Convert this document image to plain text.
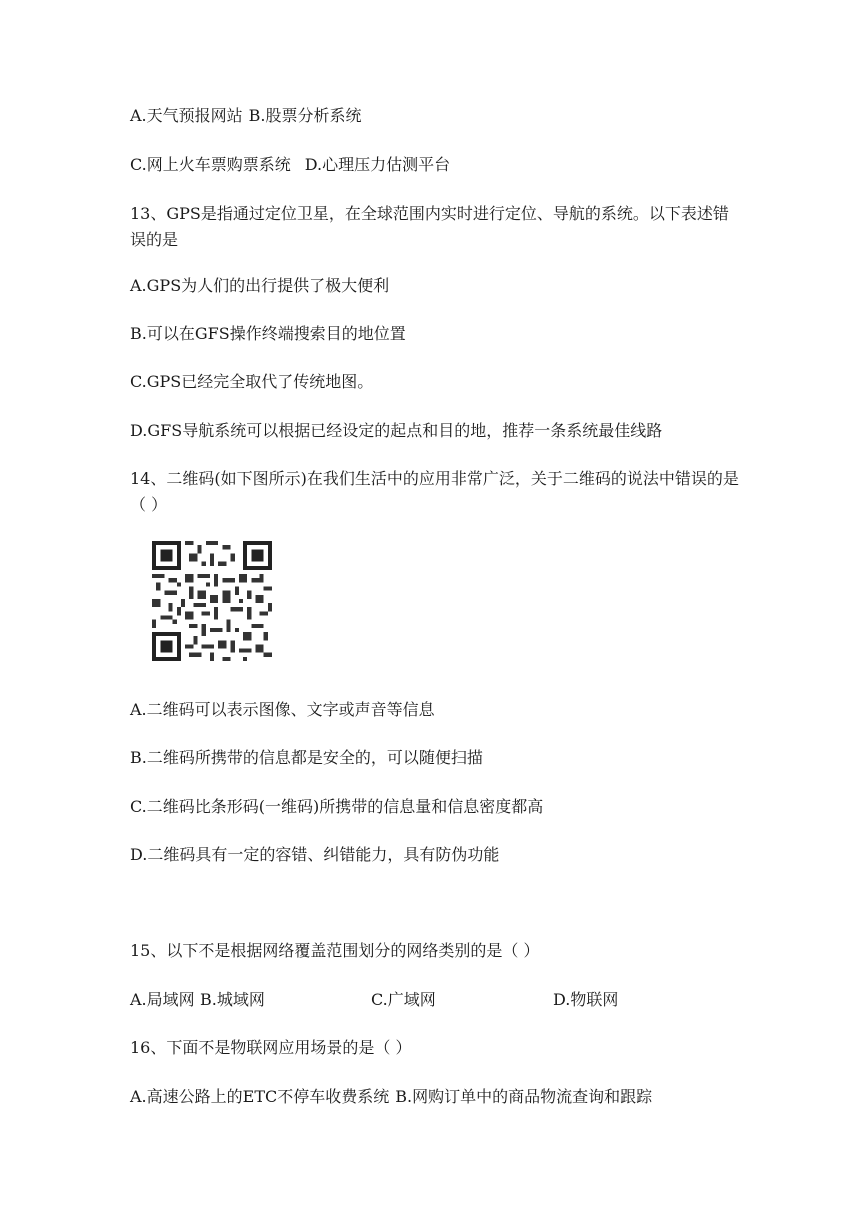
A.天气预报网站 B.股票分析系统

C.网上火车票购票系统 D.心理压力估测平台

13、GPS是指通过定位卫星，在全球范围内实时进行定位、导航的系统。以下表述错误的是

A.GPS为人们的出行提供了极大便利

B.可以在GFS操作终端搜索目的地位置

C.GPS已经完全取代了传统地图。

D.GFS导航系统可以根据已经设定的起点和目的地，推荐一条系统最佳线路

14、二维码(如下图所示)在我们生活中的应用非常广泛，关于二维码的说法中错误的是（ ）

A.二维码可以表示图像、文字或声音等信息

B.二维码所携带的信息都是安全的，可以随便扫描

C.二维码比条形码(一维码)所携带的信息量和信息密度都高

D.二维码具有一定的容错、纠错能力，具有防伪功能

15、以下不是根据网络覆盖范围划分的网络类别的是（ ）

A.局域网 B.城域网	C.广域网	D.物联网

16、下面不是物联网应用场景的是（ ）

A.高速公路上的ETC不停车收费系统 B.网购订单中的商品物流查询和跟踪
